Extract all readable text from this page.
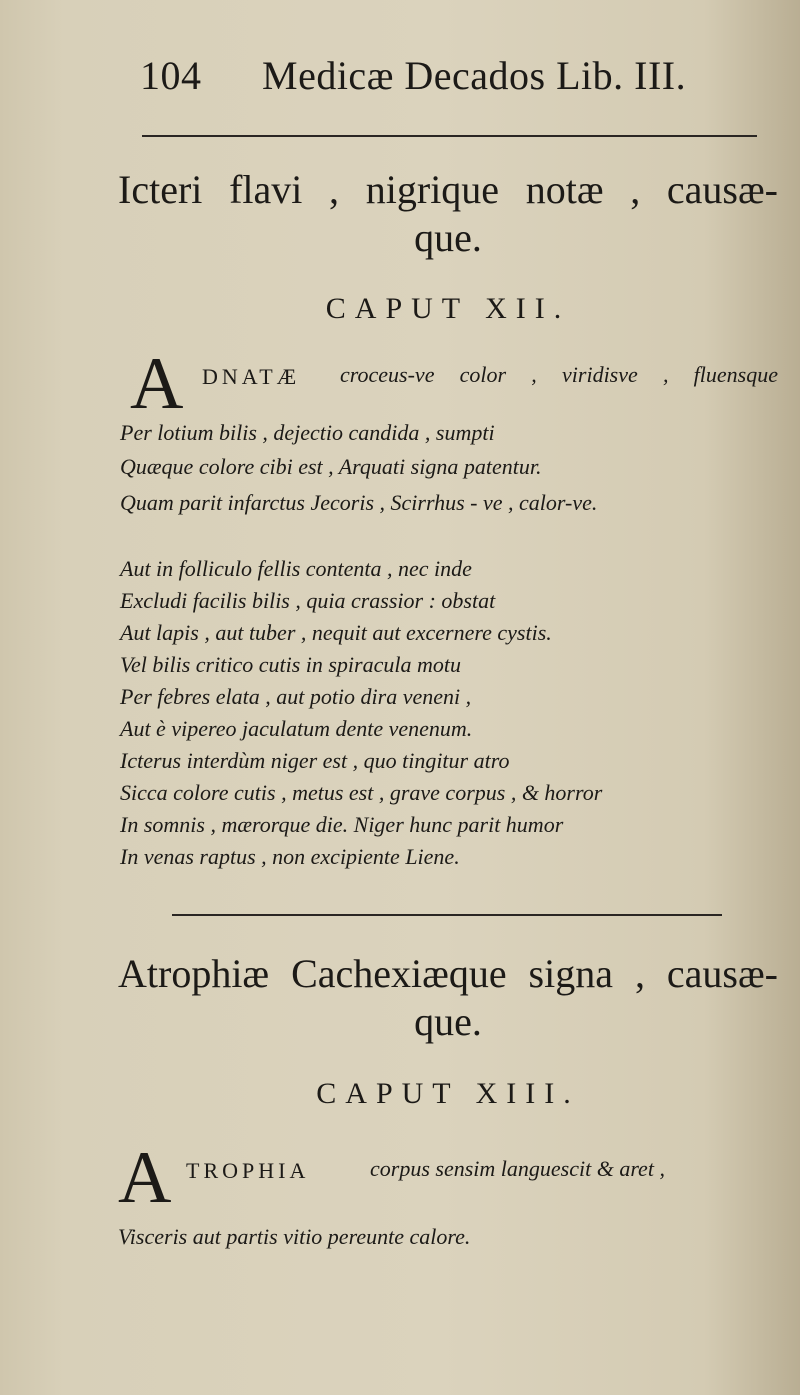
104 Medicæ Decados Lib. III.
Icteri flavi , nigrique notæ , causæ-
que.
CAPUT XII.
A DNATÆ croceus-ve color , viridisve , fluensque
Per lotium bilis , dejectio candida , sumpti
Quæque colore cibi est , Arquati signa patentur.
Quam parit infarctus Jecoris , Scirrhus - ve , calor-ve.
Aut in folliculo fellis contenta , nec inde
Excludi facilis bilis , quia crassior : obstat
Aut lapis , aut tuber , nequit aut excernere cystis.
Vel bilis critico cutis in spiracula motu
Per febres elata , aut potio dira veneni ,
Aut è vipereo jaculatum dente venenum.
Icterus interdùm niger est , quo tingitur atro
Sicca colore cutis , metus est , grave corpus , & horror
In somnis , mærorque die. Niger hunc parit humor
In venas raptus , non excipiente Liene.
Atrophiæ Cachexiæque signa , causæ-
que.
CAPUT XIII.
A TROPHIA	corpus sensim languescit & aret ,
Visceris aut partis vitio pereunte calore.
